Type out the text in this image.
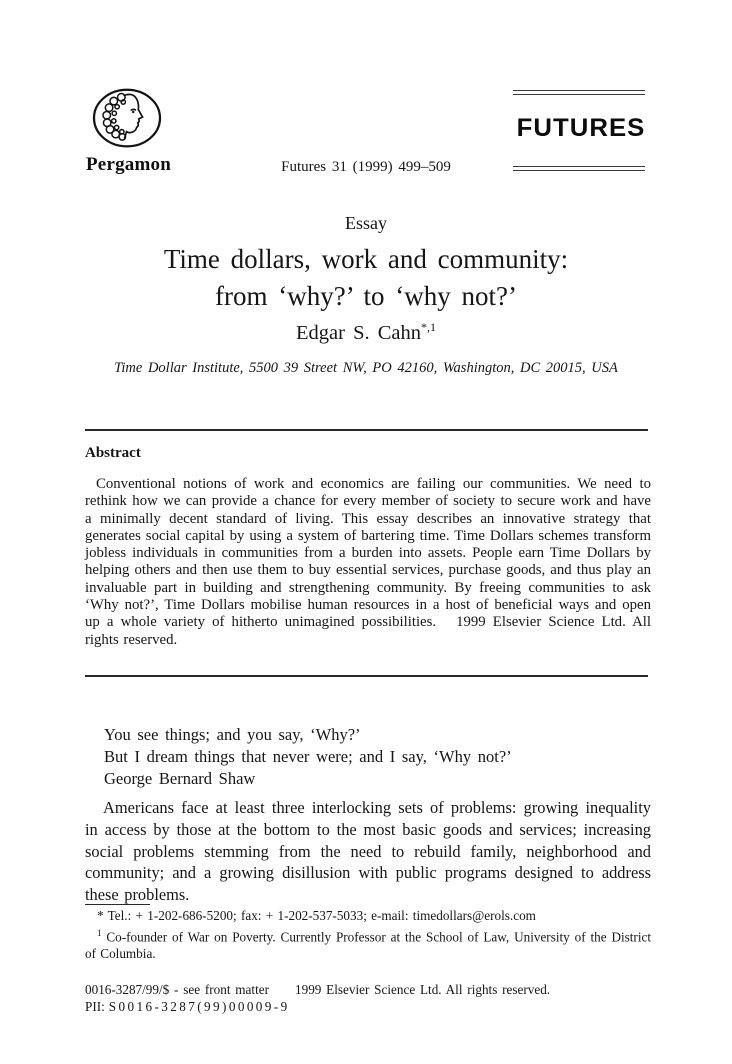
Pergamon	Futures 31 (1999) 499–509
FUTURES
Essay
Time dollars, work and community:
from ‘why?’ to ‘why not?’
Edgar S. Cahn$^{*,1}$
Time Dollar Institute, 5500 39 Street NW, PO 42160, Washington, DC 20015, USA
Abstract

Conventional notions of work and economics are failing our communities. We need to rethink how we can provide a chance for every member of society to secure work and have a minimally decent standard of living. This essay describes an innovative strategy that generates social capital by using a system of bartering time. Time Dollars schemes transform jobless individuals in communities from a burden into assets. People earn Time Dollars by helping others and then use them to buy essential services, purchase goods, and thus play an invaluable part in building and strengthening community. By freeing communities to ask ‘Why not?’, Time Dollars mobilise human resources in a host of beneficial ways and open up a whole variety of hitherto unimagined possibilities. 1999 Elsevier Science Ltd. All rights reserved.

You see things; and you say, ‘Why?’
But I dream things that never were; and I say, ‘Why not?’
George Bernard Shaw

Americans face at least three interlocking sets of problems: growing inequality in access by those at the bottom to the most basic goods and services; increasing social problems stemming from the need to rebuild family, neighborhood and community; and a growing disillusion with public programs designed to address these problems.

* Tel.: + 1-202-686-5200; fax: + 1-202-537-5033; e-mail: timedollars@erols.com

$^1$ Co-founder of War on Poverty. Currently Professor at the School of Law, University of the District of Columbia.

0016-3287/99/$ - see front matter 1999 Elsevier Science Ltd. All rights reserved.
PII: S0016-3287(99)00009-9
